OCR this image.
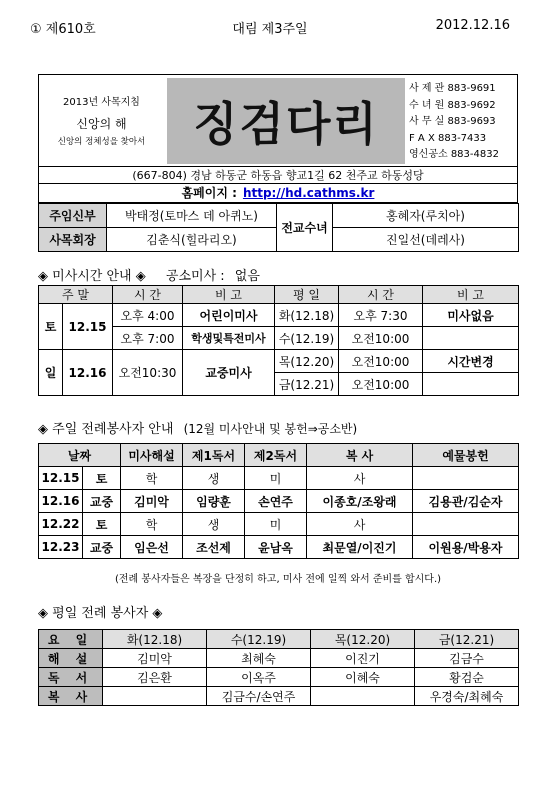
① 제610호	대림 제3주일	2012.12.16
2013년 사목지침
신앙의 해
신앙의 정체성을 찾아서	징검다리
사 제 관 883-9691
수 녀 원 883-9692
사 무 실 883-9693
F A X 883-7433
영신공소 883-4832
(667-804) 경남 하동군 하동읍 향교1길 62 천주교 하동성당
홈페이지 : http://hd.cathms.kr
주임신부	박태정(토마스 데 아퀴노)	전교수녀	홍혜자(루치아)
사목회장	김춘식(힐라리오)		진일선(데레사)
◈ 미사시간 안내 ◈ 공소미사 : 없음
주 말		시 간	비 고	평 일	시 간	비 고
토	12.15	오후 4:00	어린이미사	화(12.18)	오후 7:30	미사없음
		오후 7:00	학생및특전미사	수(12.19)	오전10:00	
일	12.16	오전10:30	교중미사	목(12.20)	오전10:00	시간변경
				금(12.21)	오전10:00	
◈ 주일 전례봉사자 안내 (12월 미사안내 및 봉헌⇒공소반)
날짜		미사해설	제1독서	제2독서	복 사	예물봉헌
12.15	토	학	생	미	사	
12.16	교중	김미악	임량훈	손연주	이종호/조왕래	김용관/김순자
12.22	토	학	생	미	사	
12.23	교중	임은선	조선제	윤남옥	최문열/이진기	이원용/박용자
(전례 봉사자들은 복장을 단정히 하고, 미사 전에 일찍 와서 준비를 합시다.)
◈ 평일 전례 봉사자 ◈
요 일	화(12.18)	수(12.19)	목(12.20)	금(12.21)
해 설	김미악	최혜숙	이진기	김금수
독 서	김은환	이옥주	이혜숙	황검순
복 사		김금수/손연주		우경숙/최혜숙
